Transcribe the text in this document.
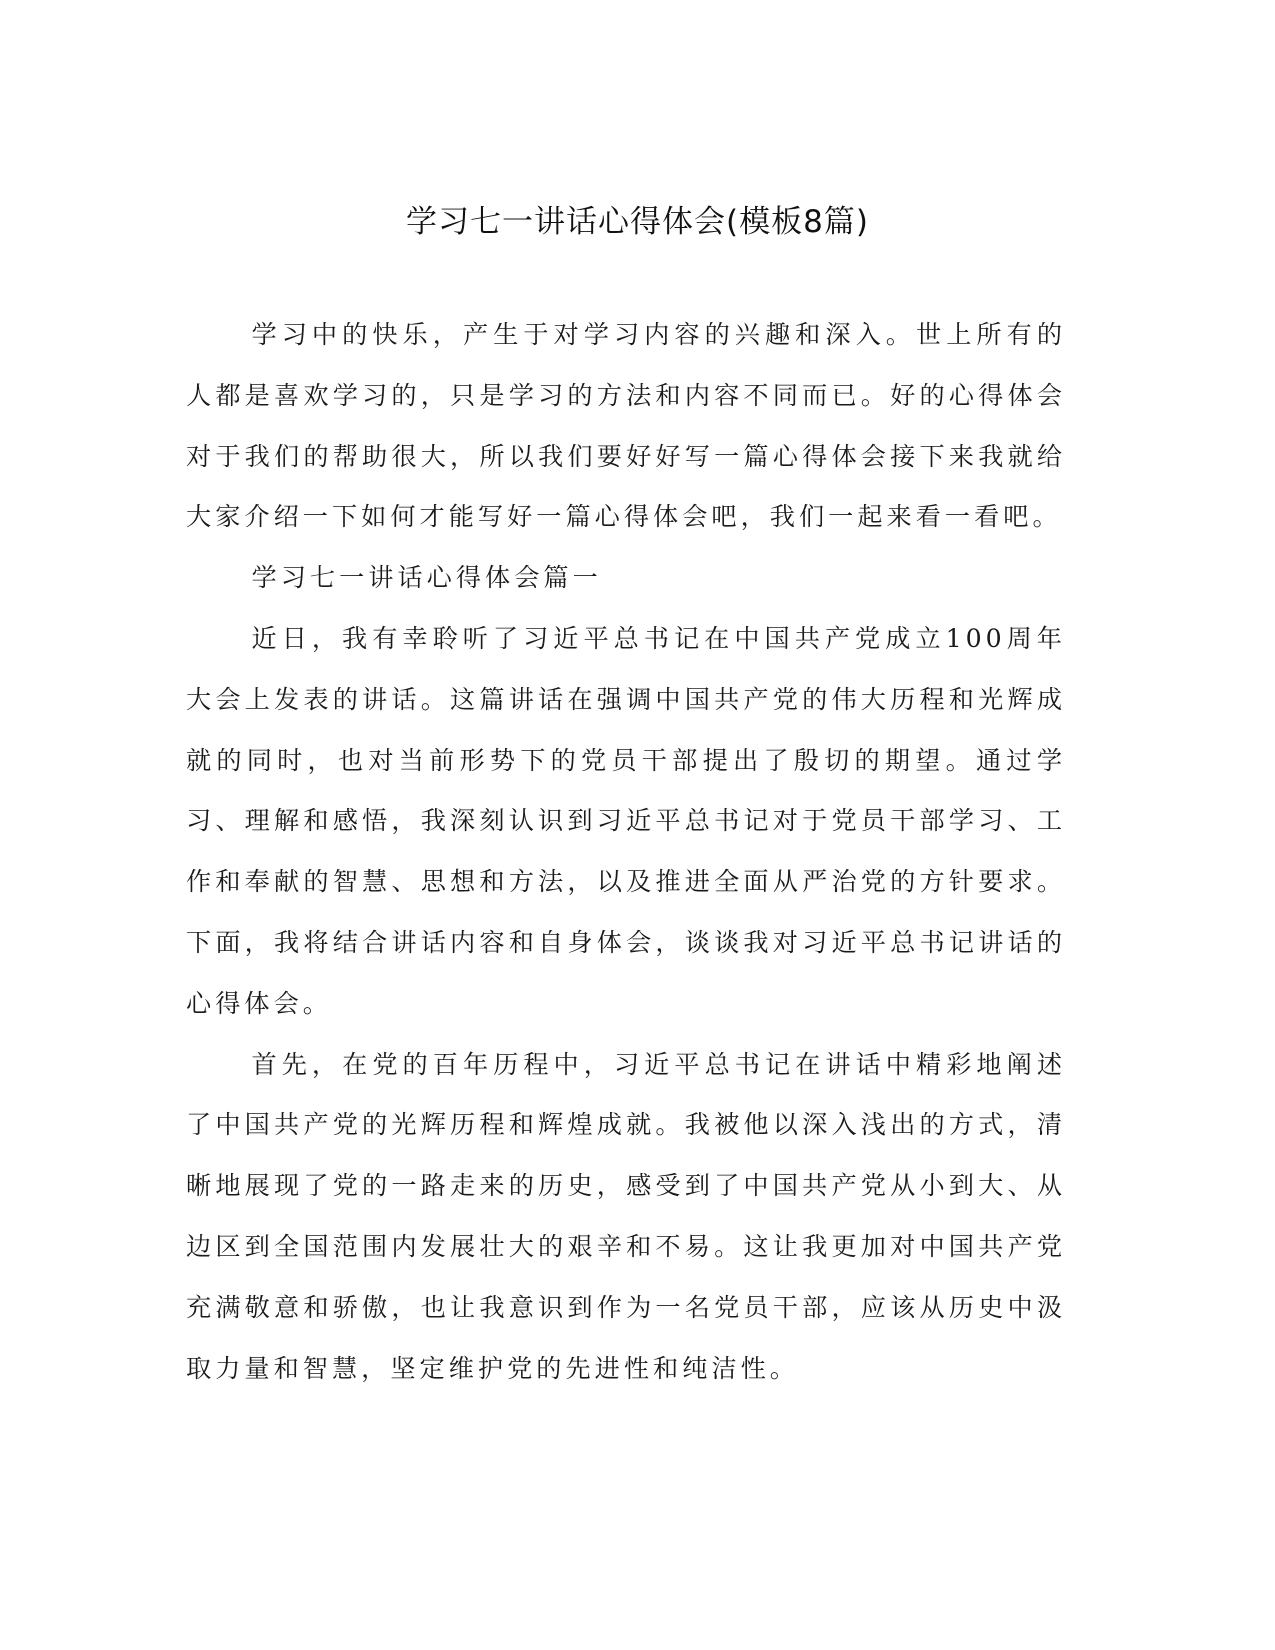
学习七一讲话心得体会(模板8篇)

学习中的快乐，产生于对学习内容的兴趣和深入。世上所有的人都是喜欢学习的，只是学习的方法和内容不同而已。好的心得体会对于我们的帮助很大，所以我们要好好写一篇心得体会接下来我就给大家介绍一下如何才能写好一篇心得体会吧，我们一起来看一看吧。

学习七一讲话心得体会篇一

近日，我有幸聆听了习近平总书记在中国共产党成立100周年大会上发表的讲话。这篇讲话在强调中国共产党的伟大历程和光辉成就的同时，也对当前形势下的党员干部提出了殷切的期望。通过学习、理解和感悟，我深刻认识到习近平总书记对于党员干部学习、工作和奉献的智慧、思想和方法，以及推进全面从严治党的方针要求。下面，我将结合讲话内容和自身体会，谈谈我对习近平总书记讲话的心得体会。

首先，在党的百年历程中，习近平总书记在讲话中精彩地阐述了中国共产党的光辉历程和辉煌成就。我被他以深入浅出的方式，清晰地展现了党的一路走来的历史，感受到了中国共产党从小到大、从边区到全国范围内发展壮大的艰辛和不易。这让我更加对中国共产党充满敬意和骄傲，也让我意识到作为一名党员干部，应该从历史中汲取力量和智慧，坚定维护党的先进性和纯洁性。
